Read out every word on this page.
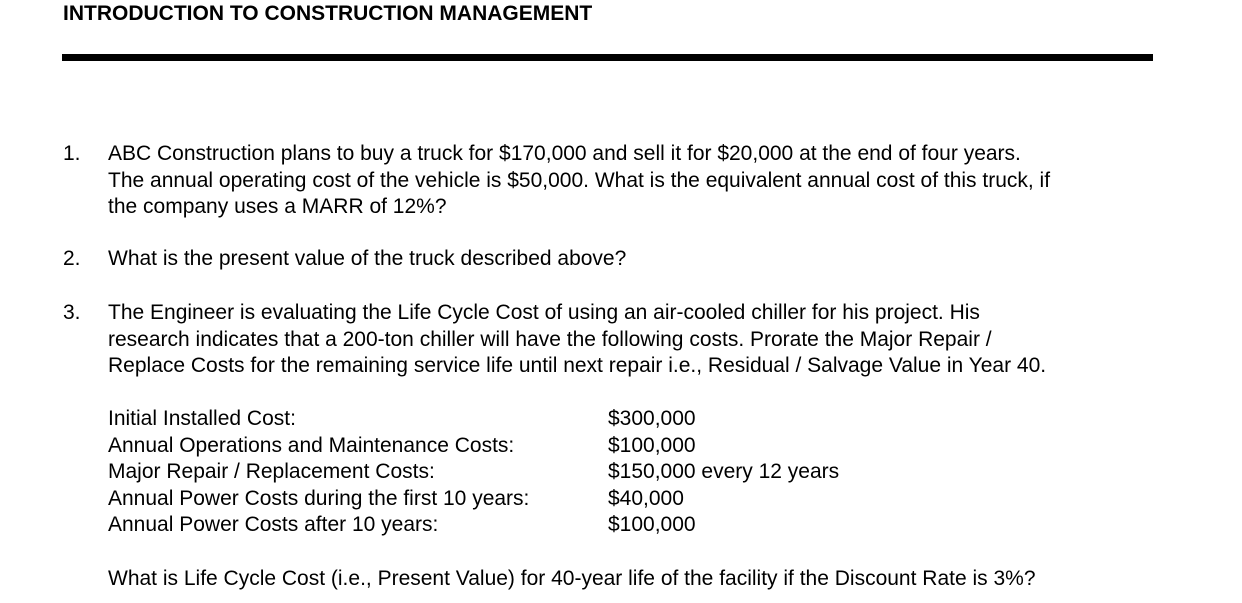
INTRODUCTION TO CONSTRUCTION MANAGEMENT
1. ABC Construction plans to buy a truck for $170,000 and sell it for $20,000 at the end of four years.
The annual operating cost of the vehicle is $50,000. What is the equivalent annual cost of this truck, if
the company uses a MARR of 12%?
2. What is the present value of the truck described above?
3. The Engineer is evaluating the Life Cycle Cost of using an air-cooled chiller for his project. His
research indicates that a 200-ton chiller will have the following costs. Prorate the Major Repair /
Replace Costs for the remaining service life until next repair i.e., Residual / Salvage Value in Year 40.
Initial Installed Cost:	$300,000
Annual Operations and Maintenance Costs:	$100,000
Major Repair / Replacement Costs:	$150,000 every 12 years
Annual Power Costs during the first 10 years:	$40,000
Annual Power Costs after 10 years:	$100,000
What is Life Cycle Cost (i.e., Present Value) for 40-year life of the facility if the Discount Rate is 3%?
